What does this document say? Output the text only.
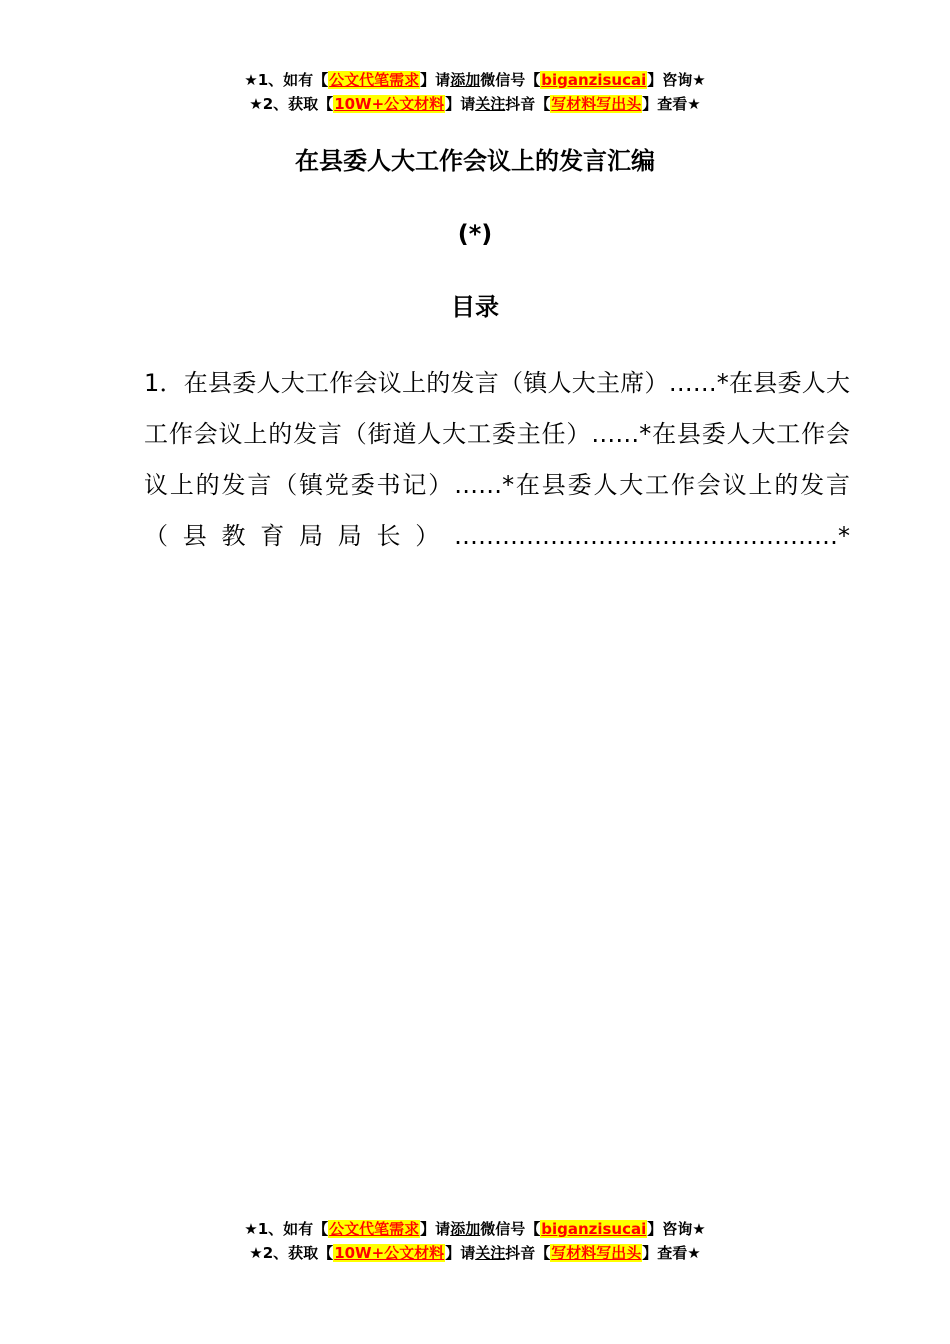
★1、如有【公文代笔需求】请添加微信号【biganzisucai】咨询★
★2、获取【10W+公文材料】请关注抖音【写材料写出头】查看★
在县委人大工作会议上的发言汇编
(*)
目录
1．在县委人大工作会议上的发言（镇人大主席）……*在县委人大工作会议上的发言（街道人大工委主任）……*在县委人大工作会议上的发言（镇党委书记）……*在县委人大工作会议上的发言（县教育局局长）…………………………………………*
★1、如有【公文代笔需求】请添加微信号【biganzisucai】咨询★
★2、获取【10W+公文材料】请关注抖音【写材料写出头】查看★
